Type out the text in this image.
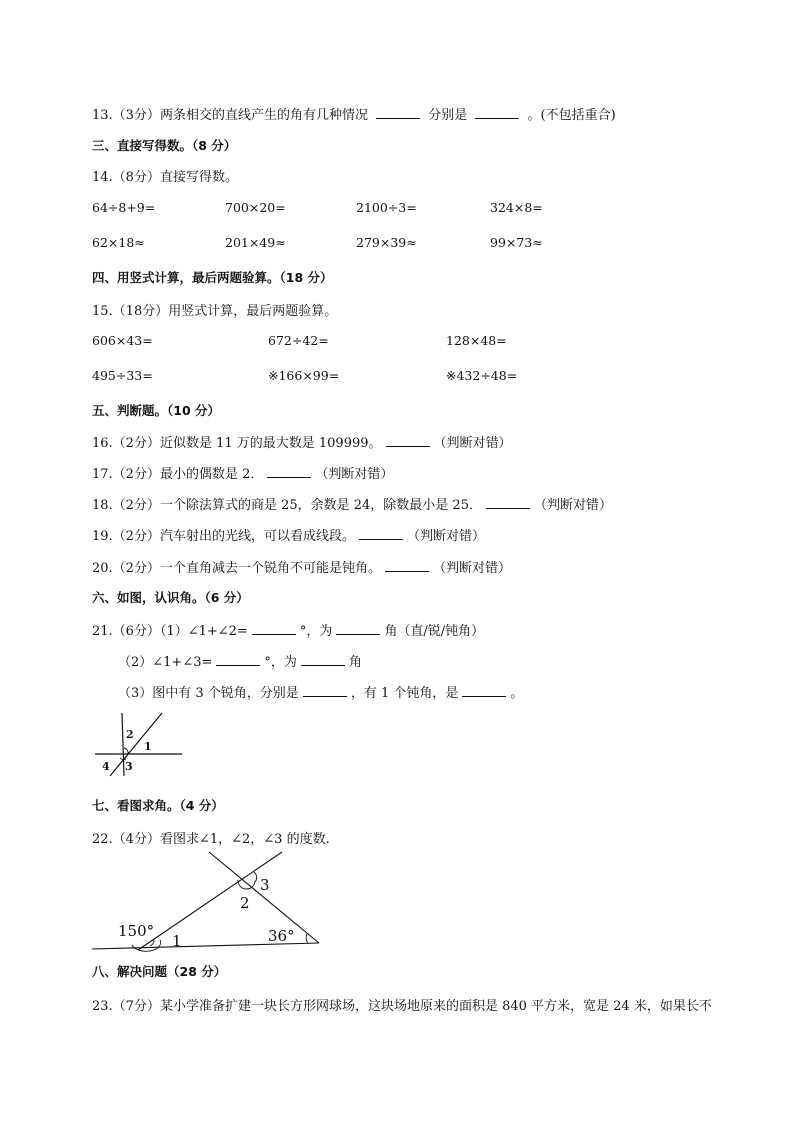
13.（3分）两条相交的直线产生的角有几种情况	分别是	。(不包括重合)
三、直接写得数。（8 分）
14.（8分）直接写得数。
64÷8+9=	700×20=	2100÷3=	324×8=
62×18≈	201×49≈	279×39≈	99×73≈
四、用竖式计算，最后两题验算。（18 分）
15.（18分）用竖式计算，最后两题验算。
606×43=	672÷42=	128×48=
495÷33=	※166×99=	※432÷48=
五、判断题。（10 分）
16.（2分）近似数是 11 万的最大数是 109999。	（判断对错）
17.（2分）最小的偶数是 2．	（判断对错）
18.（2分）一个除法算式的商是 25，余数是 24，除数最小是 25．	（判断对错）
19.（2分）汽车射出的光线，可以看成线段。	（判断对错）
20.（2分）一个直角减去一个锐角不可能是钝角。	（判断对错）
六、如图，认识角。（6 分）
21.（6分）（1）∠1+∠2=	°，为	角（直/锐/钝角）
（2）∠1+∠3=	°，为	角
（3）图中有 3 个锐角，分别是	，有 1 个钝角，是	。
2
1
4 3
七、看图求角。（4 分）
22.（4分）看图求∠1，∠2，∠3 的度数.
150°
1	36°
2
3
八、解决问题（28 分）
23.（7分）某小学准备扩建一块长方形网球场，这块场地原来的面积是 840 平方米，宽是 24 米，如果长不
